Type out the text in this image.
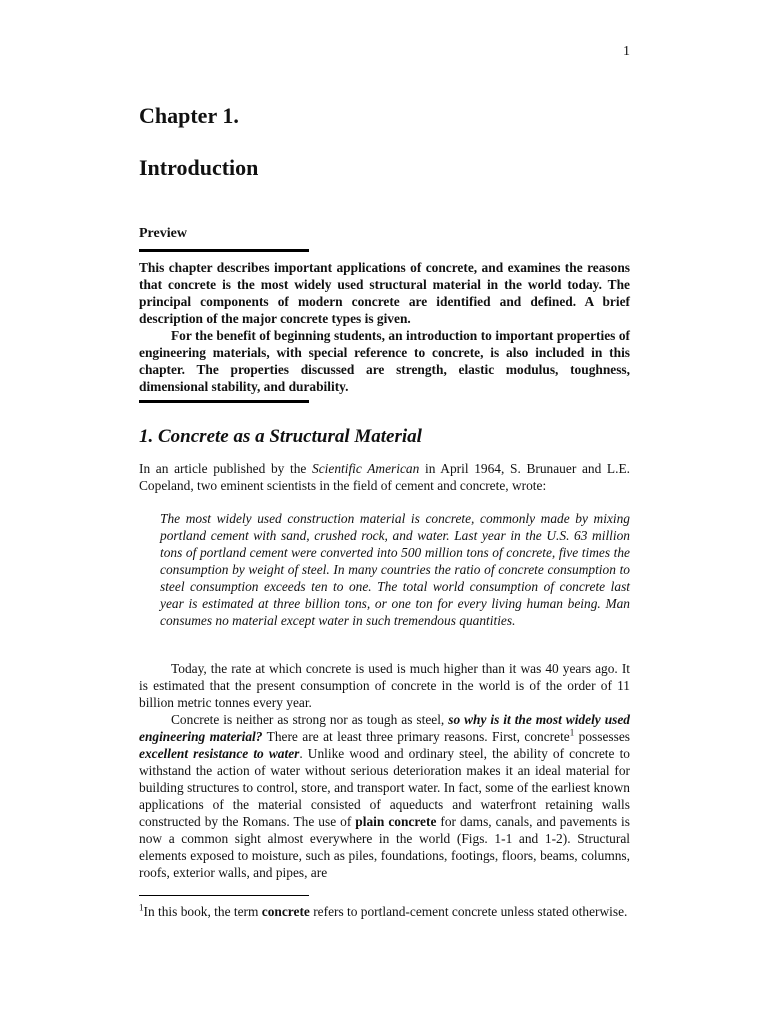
1
Chapter 1.
Introduction
Preview

This chapter describes important applications of concrete, and examines the reasons that concrete is the most widely used structural material in the world today. The principal components of modern concrete are identified and defined. A brief description of the major concrete types is given.

For the benefit of beginning students, an introduction to important properties of engineering materials, with special reference to concrete, is also included in this chapter. The properties discussed are strength, elastic modulus, toughness, dimensional stability, and durability.

1. Concrete as a Structural Material

In an article published by the Scientific American in April 1964, S. Brunauer and L.E. Copeland, two eminent scientists in the field of cement and concrete, wrote:

The most widely used construction material is concrete, commonly made by mixing portland cement with sand, crushed rock, and water. Last year in the U.S. 63 million tons of portland cement were converted into 500 million tons of concrete, five times the consumption by weight of steel. In many countries the ratio of concrete consumption to steel consumption exceeds ten to one. The total world consumption of concrete last year is estimated at three billion tons, or one ton for every living human being. Man consumes no material except water in such tremendous quantities.

Today, the rate at which concrete is used is much higher than it was 40 years ago. It is estimated that the present consumption of concrete in the world is of the order of 11 billion metric tonnes every year.

Concrete is neither as strong nor as tough as steel, so why is it the most widely used engineering material? There are at least three primary reasons. First, concrete$^1$ possesses excellent resistance to water. Unlike wood and ordinary steel, the ability of concrete to withstand the action of water without serious deterioration makes it an ideal material for building structures to control, store, and transport water. In fact, some of the earliest known applications of the material consisted of aqueducts and waterfront retaining walls constructed by the Romans. The use of plain concrete for dams, canals, and pavements is now a common sight almost everywhere in the world (Figs. 1-1 and 1-2). Structural elements exposed to moisture, such as piles, foundations, footings, floors, beams, columns, roofs, exterior walls, and pipes, are

$^1$In this book, the term concrete refers to portland-cement concrete unless stated otherwise.
